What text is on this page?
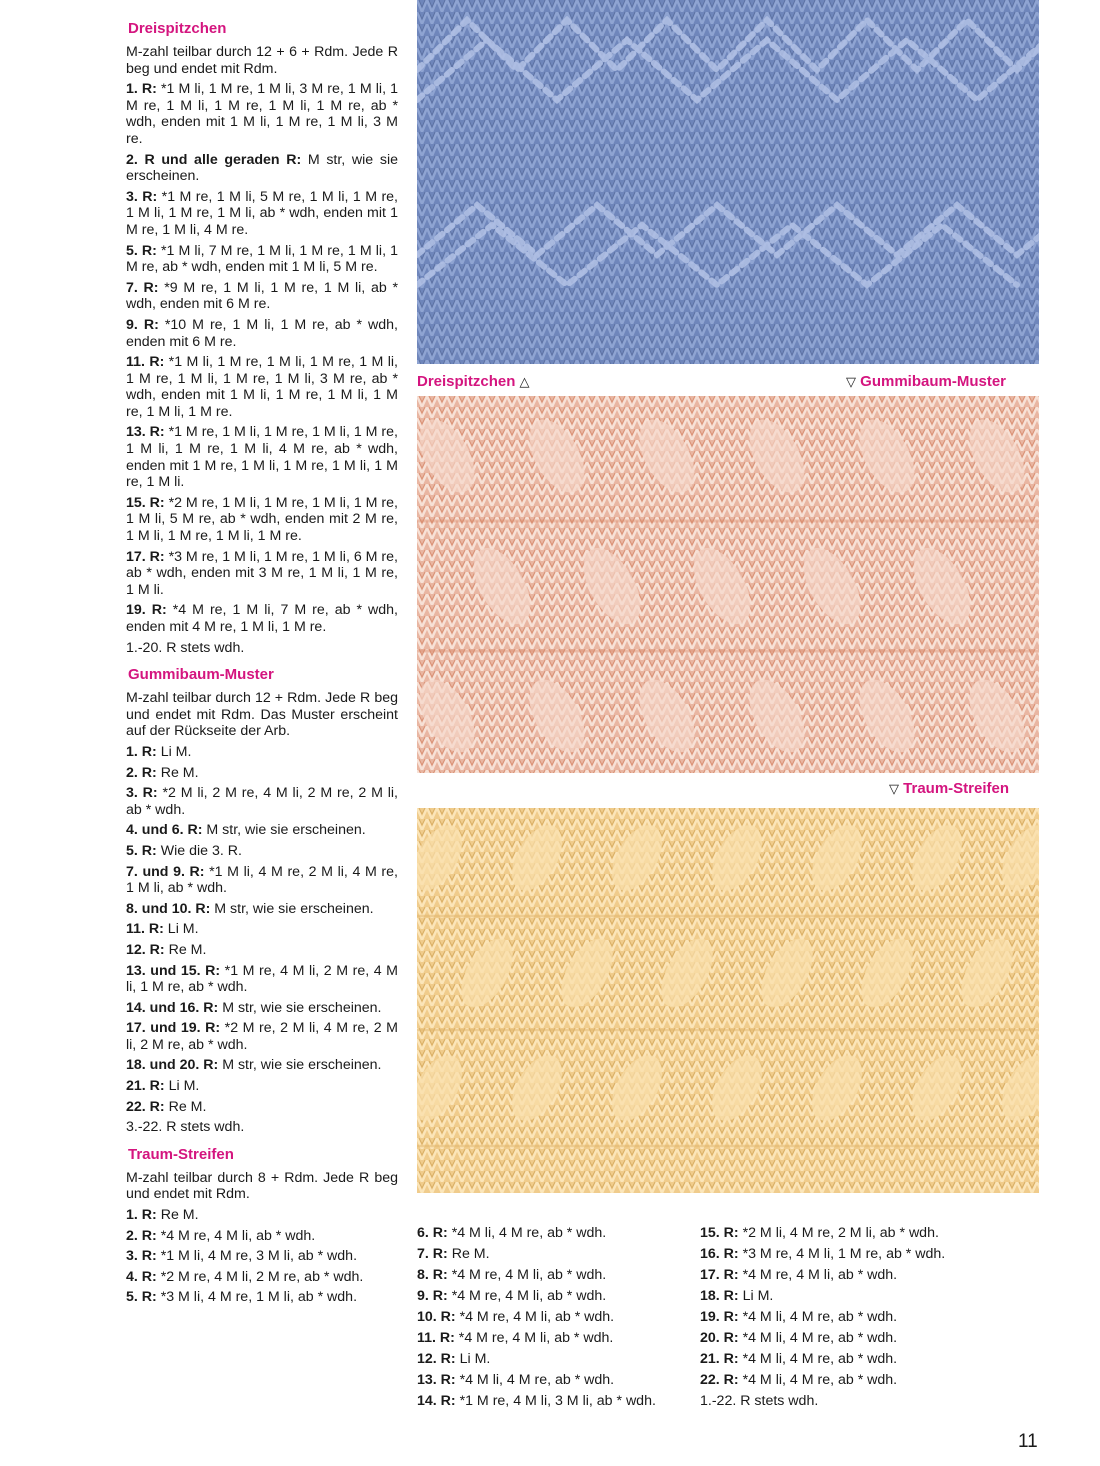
Dreispitzchen

M-zahl teilbar durch 12 + 6 + Rdm. Jede R beg und endet mit Rdm.

1. R: *1 M li, 1 M re, 1 M li, 3 M re, 1 M li, 1 M re, 1 M li, 1 M re, 1 M li, 1 M re, ab * wdh, enden mit 1 M li, 1 M re, 1 M li, 3 M re.

2. R und alle geraden R: M str, wie sie erscheinen.

3. R: *1 M re, 1 M li, 5 M re, 1 M li, 1 M re, 1 M li, 1 M re, 1 M li, ab * wdh, enden mit 1 M re, 1 M li, 4 M re.

5. R: *1 M li, 7 M re, 1 M li, 1 M re, 1 M li, 1 M re, ab * wdh, enden mit 1 M li, 5 M re.

7. R: *9 M re, 1 M li, 1 M re, 1 M li, ab * wdh, enden mit 6 M re.

9. R: *10 M re, 1 M li, 1 M re, ab * wdh, enden mit 6 M re.

11. R: *1 M li, 1 M re, 1 M li, 1 M re, 1 M li, 1 M re, 1 M li, 1 M re, 1 M li, 3 M re, ab * wdh, enden mit 1 M li, 1 M re, 1 M li, 1 M re, 1 M li, 1 M re.

13. R: *1 M re, 1 M li, 1 M re, 1 M li, 1 M re, 1 M li, 1 M re, 1 M li, 4 M re, ab * wdh, enden mit 1 M re, 1 M li, 1 M re, 1 M li, 1 M re, 1 M li.

15. R: *2 M re, 1 M li, 1 M re, 1 M li, 1 M re, 1 M li, 5 M re, ab * wdh, enden mit 2 M re, 1 M li, 1 M re, 1 M li, 1 M re.

17. R: *3 M re, 1 M li, 1 M re, 1 M li, 6 M re, ab * wdh, enden mit 3 M re, 1 M li, 1 M re, 1 M li.

19. R: *4 M re, 1 M li, 7 M re, ab * wdh, enden mit 4 M re, 1 M li, 1 M re.

1.-20. R stets wdh.

Gummibaum-Muster

M-zahl teilbar durch 12 + Rdm. Jede R beg und endet mit Rdm. Das Muster erscheint auf der Rückseite der Arb.

1. R: Li M.

2. R: Re M.

3. R: *2 M li, 2 M re, 4 M li, 2 M re, 2 M li, ab * wdh.

4. und 6. R: M str, wie sie erscheinen.

5. R: Wie die 3. R.

7. und 9. R: *1 M li, 4 M re, 2 M li, 4 M re, 1 M li, ab * wdh.

8. und 10. R: M str, wie sie erscheinen.

11. R: Li M.

12. R: Re M.

13. und 15. R: *1 M re, 4 M li, 2 M re, 4 M li, 1 M re, ab * wdh.

14. und 16. R: M str, wie sie erscheinen.

17. und 19. R: *2 M re, 2 M li, 4 M re, 2 M li, 2 M re, ab * wdh.

18. und 20. R: M str, wie sie erscheinen.

21. R: Li M.

22. R: Re M.

3.-22. R stets wdh.

Traum-Streifen

M-zahl teilbar durch 8 + Rdm. Jede R beg und endet mit Rdm.

1. R: Re M.

2. R: *4 M re, 4 M li, ab * wdh.

3. R: *1 M li, 4 M re, 3 M li, ab * wdh.

4. R: *2 M re, 4 M li, 2 M re, ab * wdh.

5. R: *3 M li, 4 M re, 1 M li, ab * wdh.

Dreispitzchen △	▽ Gummibaum-Muster
▽ Traum-Streifen

6. R: *4 M li, 4 M re, ab * wdh.

7. R: Re M.

8. R: *4 M re, 4 M li, ab * wdh.

9. R: *4 M re, 4 M li, ab * wdh.

10. R: *4 M re, 4 M li, ab * wdh.

11. R: *4 M re, 4 M li, ab * wdh.

12. R: Li M.

13. R: *4 M li, 4 M re, ab * wdh.

14. R: *1 M re, 4 M li, 3 M li, ab * wdh.

15. R: *2 M li, 4 M re, 2 M li, ab * wdh.

16. R: *3 M re, 4 M li, 1 M re, ab * wdh.

17. R: *4 M re, 4 M li, ab * wdh.

18. R: Li M.

19. R: *4 M li, 4 M re, ab * wdh.

20. R: *4 M li, 4 M re, ab * wdh.

21. R: *4 M li, 4 M re, ab * wdh.

22. R: *4 M li, 4 M re, ab * wdh.

1.-22. R stets wdh.

11
